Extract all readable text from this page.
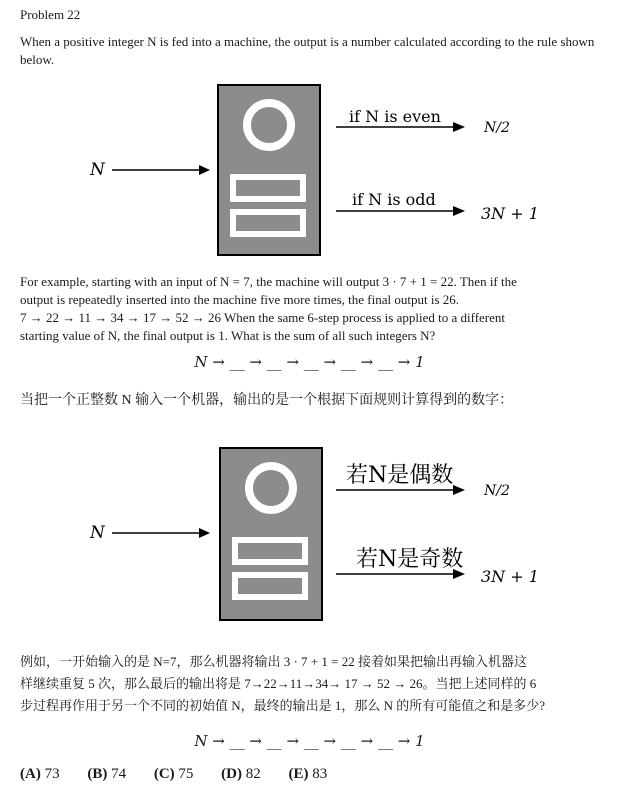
Problem 22
When a positive integer N is fed into a machine, the output is a number calculated according to the rule shown below.
N
if N is even
N/2
if N is odd
3N + 1
For example, starting with an input of N = 7, the machine will output 3 · 7 + 1 = 22. Then if the
output is repeatedly inserted into the machine five more times, the final output is 26.
7 → 22 → 11 → 34 → 17 → 52 → 26 When the same 6-step process is applied to a different
starting value of N, the final output is 1. What is the sum of all such integers N?
N → __ → __ → __ → __ → __ → 1
当把一个正整数 N 输入一个机器，输出的是一个根据下面规则计算得到的数字：
N
若N是偶数
N/2
若N是奇数
3N + 1
例如，一开始输入的是 N=7，那么机器将输出 3 · 7 + 1 = 22 接着如果把输出再输入机器这
样继续重复 5 次，那么最后的输出将是 7→22→11→34→ 17 → 52 → 26。当把上述同样的 6
步过程再作用于另一个不同的初始值 N，最终的输出是 1，那么 N 的所有可能值之和是多少?
N → __ → __ → __ → __ → __ → 1
(A) 73 (B) 74 (C) 75 (D) 82 (E) 83
